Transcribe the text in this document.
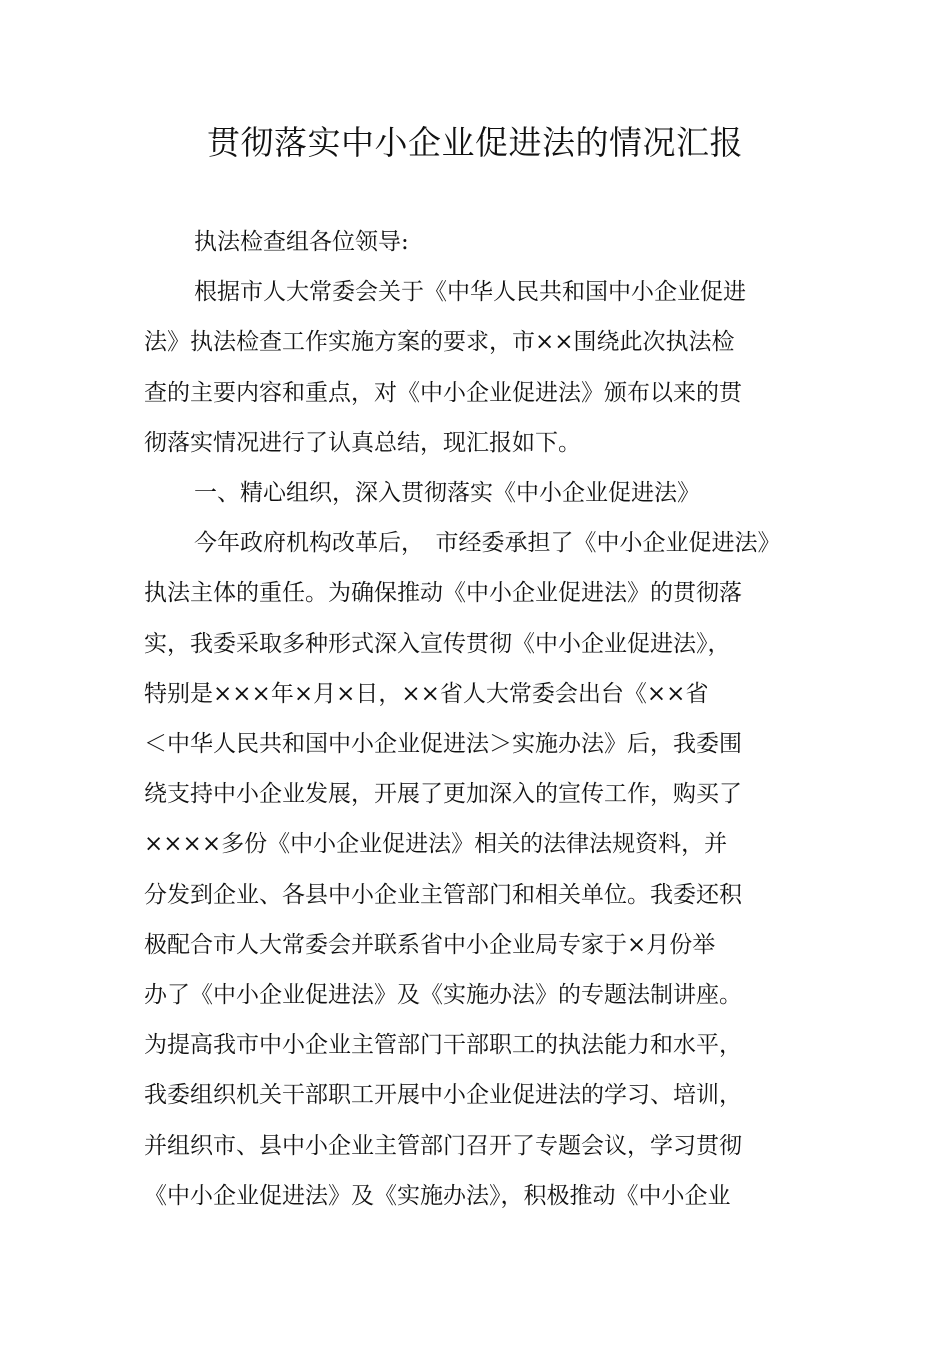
贯彻落实中小企业促进法的情况汇报

执法检查组各位领导:

根据市人大常委会关于《中华人民共和国中小企业促进

法》执法检查工作实施方案的要求，市××围绕此次执法检

查的主要内容和重点，对《中小企业促进法》颁布以来的贯

彻落实情况进行了认真总结，现汇报如下。

一、精心组织，深入贯彻落实《中小企业促进法》

今年政府机构改革后，　市经委承担了《中小企业促进法》

执法主体的重任。为确保推动《中小企业促进法》的贯彻落

实，我委采取多种形式深入宣传贯彻《中小企业促进法》，

特别是×××年×月×日，××省人大常委会出台《××省

＜中华人民共和国中小企业促进法＞实施办法》后，我委围

绕支持中小企业发展，开展了更加深入的宣传工作，购买了

××××多份《中小企业促进法》相关的法律法规资料，并

分发到企业、各县中小企业主管部门和相关单位。我委还积

极配合市人大常委会并联系省中小企业局专家于×月份举

办了《中小企业促进法》及《实施办法》的专题法制讲座。

为提高我市中小企业主管部门干部职工的执法能力和水平，

我委组织机关干部职工开展中小企业促进法的学习、培训，

并组织市、县中小企业主管部门召开了专题会议，学习贯彻

《中小企业促进法》及《实施办法》，积极推动《中小企业
